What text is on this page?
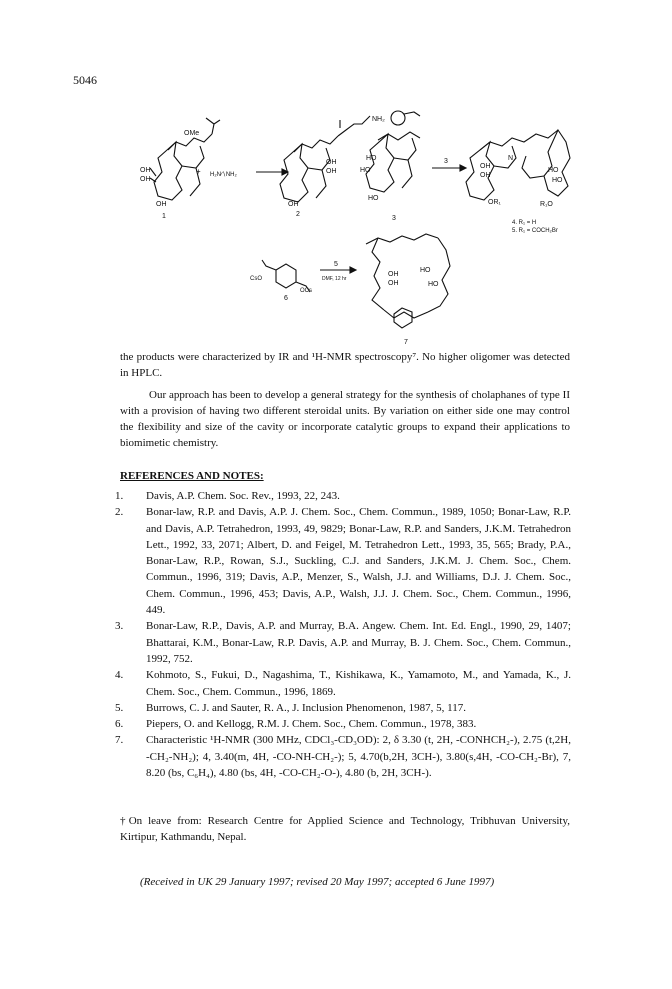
5046
OMe
OH
OH
OH
1
+ H₂N∕∖NH₂
NH₂
OH
OH
OH
2
HO
HO
HO
3
3	N
OH
OH
HO
HO
OR₁	R₁O
4. R₁ = H
5. R₁ = COCH₂Br
CsO
OCs
6
5
DMF, 12 hr
OH
OH
HO
HO
7

the products were characterized by IR and ¹H-NMR spectroscopy⁷. No higher oligomer was detected in HPLC.

Our approach has been to develop a general strategy for the synthesis of cholaphanes of type II with a provision of having two different steroidal units. By variation on either side one may control the flexibility and size of the cavity or incorporate catalytic groups to expand their applications to biomimetic chemistry.

REFERENCES AND NOTES:
1.	Davis, A.P. Chem. Soc. Rev., 1993, 22, 243.
2.	Bonar-law, R.P. and Davis, A.P. J. Chem. Soc., Chem. Commun., 1989, 1050; Bonar-Law, R.P. and Davis, A.P. Tetrahedron, 1993, 49, 9829; Bonar-Law, R.P. and Sanders, J.K.M. Tetrahedron Lett., 1992, 33, 2071; Albert, D. and Feigel, M. Tetrahedron Lett., 1993, 35, 565; Brady, P.A., Bonar-Law, R.P., Rowan, S.J., Suckling, C.J. and Sanders, J.K.M. J. Chem. Soc., Chem. Commun., 1996, 319; Davis, A.P., Menzer, S., Walsh, J.J. and Williams, D.J. J. Chem. Soc., Chem. Commun., 1996, 453; Davis, A.P., Walsh, J.J. J. Chem. Soc., Chem. Commun., 1996, 449.
3.	Bonar-Law, R.P., Davis, A.P. and Murray, B.A. Angew. Chem. Int. Ed. Engl., 1990, 29, 1407; Bhattarai, K.M., Bonar-Law, R.P. Davis, A.P. and Murray, B. J. Chem. Soc., Chem. Commun., 1992, 752.
4.	Kohmoto, S., Fukui, D., Nagashima, T., Kishikawa, K., Yamamoto, M., and Yamada, K., J. Chem. Soc., Chem. Commun., 1996, 1869.
5.	Burrows, C. J. and Sauter, R. A., J. Inclusion Phenomenon, 1987, 5, 117.
6.	Piepers, O. and Kellogg, R.M. J. Chem. Soc., Chem. Commun., 1978, 383.
7.	Characteristic ¹H-NMR (300 MHz, CDCl₃-CD₃OD): 2, δ 3.30 (t, 2H, -CONHCH₂-), 2.75 (t,2H, -CH₂-NH₂); 4, 3.40(m, 4H, -CO-NH-CH₂-); 5, 4.70(b,2H, 3CH-), 3.80(s,4H, -CO-CH₂-Br), 7, 8.20 (bs, C₆H₄), 4.80 (bs, 4H, -CO-CH₂-O-), 4.80 (b, 2H, 3CH-).
†On leave from: Research Centre for Applied Science and Technology, Tribhuvan University, Kirtipur, Kathmandu, Nepal.
(Received in UK 29 January 1997; revised 20 May 1997; accepted 6 June 1997)
